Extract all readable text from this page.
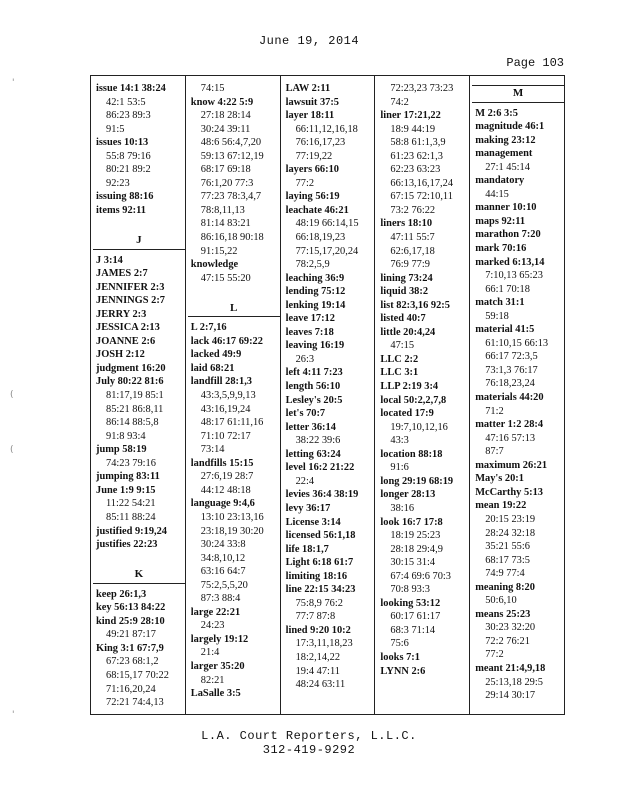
June 19, 2014
Page 103
'
(
(
'
issue 14:1 38:24
42:1 53:5
86:23 89:3
91:5
issues 10:13
55:8 79:16
80:21 89:2
92:23
issuing 88:16
items 92:11

J
J 3:14
JAMES 2:7
JENNIFER 2:3
JENNINGS 2:7
JERRY 2:3
JESSICA 2:13
JOANNE 2:6
JOSH 2:12
judgment 16:20
July 80:22 81:6
81:17,19 85:1
85:21 86:8,11
86:14 88:5,8
91:8 93:4
jump 58:19
74:23 79:16
jumping 83:11
June 1:9 9:15
11:22 54:21
85:11 88:24
justified 9:19,24
justifies 22:23

K
keep 26:1,3
key 56:13 84:22
kind 25:9 28:10
49:21 87:17
King 3:1 67:7,9
67:23 68:1,2
68:15,17 70:22
71:16,20,24
72:21 74:4,13
74:15
know 4:22 5:9
27:18 28:14
30:24 39:11
48:6 56:4,7,20
59:13 67:12,19
68:17 69:18
76:1,20 77:3
77:23 78:3,4,7
78:8,11,13
81:14 83:21
86:16,18 90:18
91:15,22
knowledge
47:15 55:20

L
L 2:7,16
lack 46:17 69:22
lacked 49:9
laid 68:21
landfill 28:1,3
43:3,5,9,9,13
43:16,19,24
48:17 61:11,16
71:10 72:17
73:14
landfills 15:15
27:6,19 28:7
44:12 48:18
language 9:4,6
13:10 23:13,16
23:18,19 30:20
30:24 33:8
34:8,10,12
63:16 64:7
75:2,5,5,20
87:3 88:4
large 22:21
24:23
largely 19:12
21:4
larger 35:20
82:21
LaSalle 3:5
LAW 2:11
lawsuit 37:5
layer 18:11
66:11,12,16,18
76:16,17,23
77:19,22
layers 66:10
77:2
laying 56:19
leachate 46:21
48:19 66:14,15
66:18,19,23
77:15,17,20,24
78:2,5,9
leaching 36:9
lending 75:12
lenking 19:14
leave 17:12
leaves 7:18
leaving 16:19
26:3
left 4:11 7:23
length 56:10
Lesley's 20:5
let's 70:7
letter 36:14
38:22 39:6
letting 63:24
level 16:2 21:22
22:4
levies 36:4 38:19
levy 36:17
License 3:14
licensed 56:1,18
life 18:1,7
Light 6:18 61:7
limiting 18:16
line 22:15 34:23
75:8,9 76:2
77:7 87:8
lined 9:20 10:2
17:3,11,18,23
18:2,14,22
19:4 47:11
48:24 63:11
72:23,23 73:23
74:2
liner 17:21,22
18:9 44:19
58:8 61:1,3,9
61:23 62:1,3
62:23 63:23
66:13,16,17,24
67:15 72:10,11
73:2 76:22
liners 18:10
47:11 55:7
62:6,17,18
76:9 77:9
lining 73:24
liquid 38:2
list 82:3,16 92:5
listed 40:7
little 20:4,24
47:15
LLC 2:2
LLC 3:1
LLP 2:19 3:4
local 50:2,2,7,8
located 17:9
19:7,10,12,16
43:3
location 88:18
91:6
long 29:19 68:19
longer 28:13
38:16
look 16:7 17:8
18:19 25:23
28:18 29:4,9
30:15 31:4
67:4 69:6 70:3
70:8 93:3
looking 53:12
60:17 61:17
68:3 71:14
75:6
looks 7:1
LYNN 2:6
M
M 2:6 3:5
magnitude 46:1
making 23:12
management
27:1 45:14
mandatory
44:15
manner 10:10
maps 92:11
marathon 7:20
mark 70:16
marked 6:13,14
7:10,13 65:23
66:1 70:18
match 31:1
59:18
material 41:5
61:10,15 66:13
66:17 72:3,5
73:1,3 76:17
76:18,23,24
materials 44:20
71:2
matter 1:2 28:4
47:16 57:13
87:7
maximum 26:21
May's 20:1
McCarthy 5:13
mean 19:22
20:15 23:19
28:24 32:18
35:21 55:6
68:17 73:5
74:9 77:4
meaning 8:20
50:6,10
means 25:23
30:23 32:20
72:2 76:21
77:2
meant 21:4,9,18
25:13,18 29:5
29:14 30:17
L.A. Court Reporters, L.L.C.
312-419-9292
